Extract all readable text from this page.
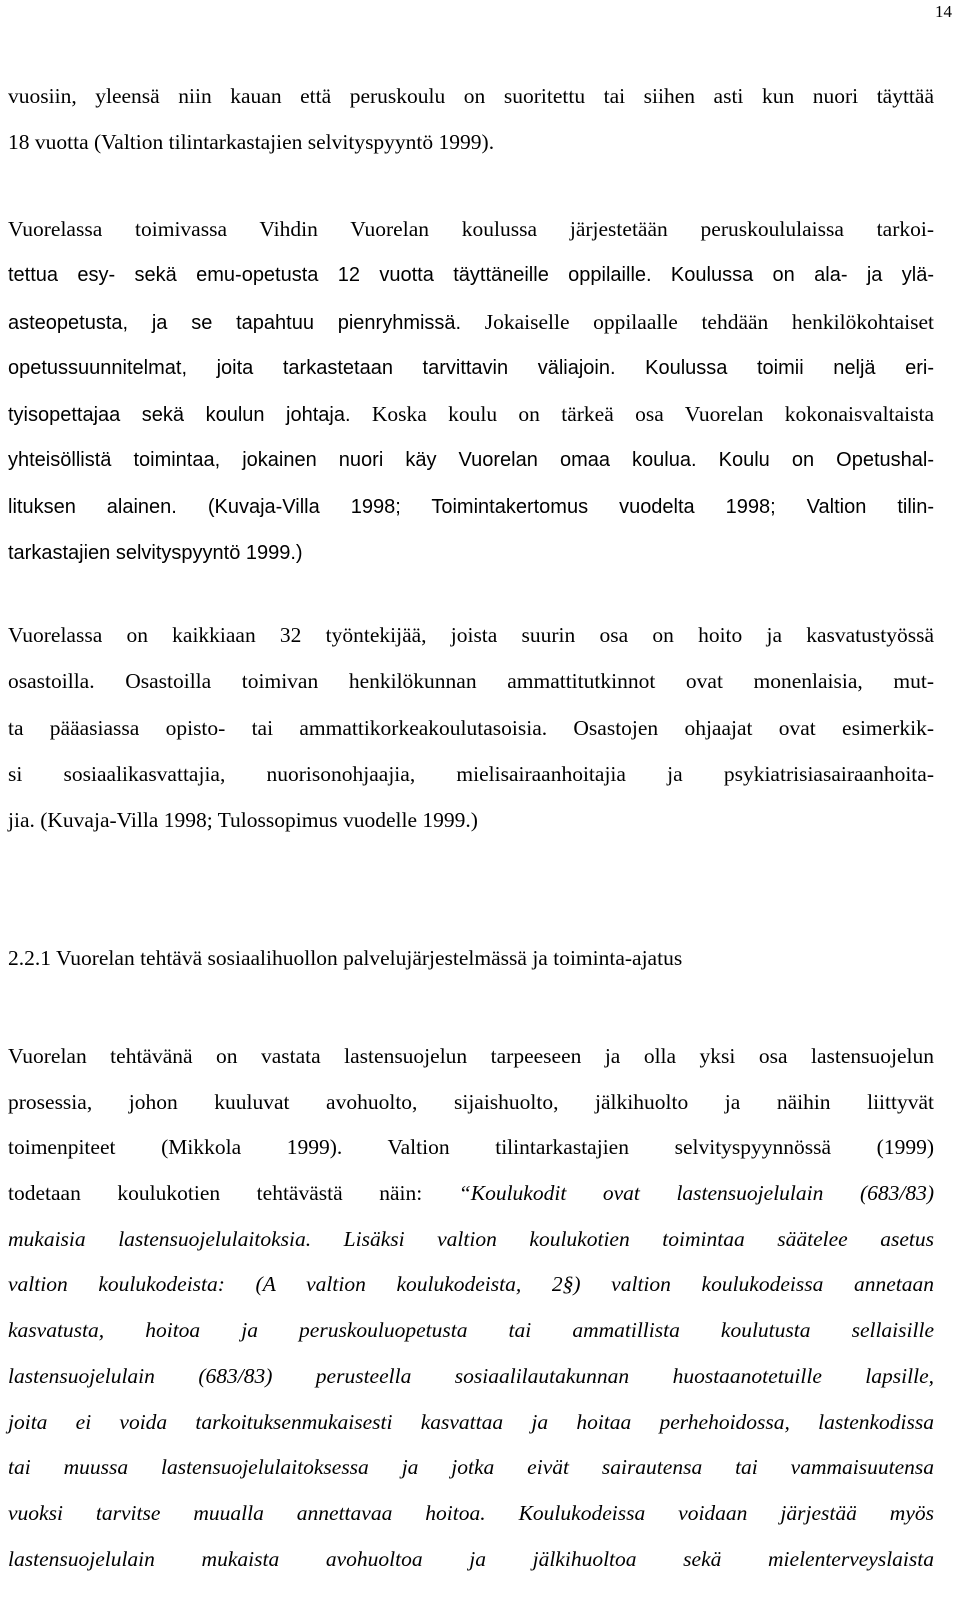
14
vuosiin, yleensä niin kauan että peruskoulu on suoritettu tai siihen asti kun nuori täyttää
18 vuotta (Valtion tilintarkastajien selvityspyyntö 1999).
Vuorelassa toimivassa Vihdin Vuorelan koulussa järjestetään peruskoululaissa tarkoi-
tettua esy- sekä emu-opetusta 12 vuotta täyttäneille oppilaille. Koulussa on ala- ja ylä-
asteopetusta, ja se tapahtuu pienryhmissä. Jokaiselle oppilaalle tehdään henkilökohtaiset
opetussuunnitelmat, joita tarkastetaan tarvittavin väliajoin. Koulussa toimii neljä eri-
tyisopettajaa sekä koulun johtaja. Koska koulu on tärkeä osa Vuorelan kokonaisvaltaista
yhteisöllistä toimintaa, jokainen nuori käy Vuorelan omaa koulua. Koulu on Opetushal-
lituksen alainen. (Kuvaja-Villa 1998; Toimintakertomus vuodelta 1998; Valtion tilin-
tarkastajien selvityspyyntö 1999.)
Vuorelassa on kaikkiaan 32 työntekijää, joista suurin osa on hoito ja kasvatustyössä
osastoilla. Osastoilla toimivan henkilökunnan ammattitutkinnot ovat monenlaisia, mut-
ta pääasiassa opisto- tai ammattikorkeakoulutasoisia. Osastojen ohjaajat ovat esimerkik-
si sosiaalikasvattajia, nuorisonohjaajia, mielisairaanhoitajia ja psykiatrisiasairaanhoita-
jia. (Kuvaja-Villa 1998; Tulossopimus vuodelle 1999.)
2.2.1 Vuorelan tehtävä sosiaalihuollon palvelujärjestelmässä ja toiminta-ajatus
Vuorelan tehtävänä on vastata lastensuojelun tarpeeseen ja olla yksi osa lastensuojelun
prosessia, johon kuuluvat avohuolto, sijaishuolto, jälkihuolto ja näihin liittyvät
toimenpiteet (Mikkola 1999). Valtion tilintarkastajien selvityspyynnössä (1999)
todetaan koulukotien tehtävästä näin: “Koulukodit ovat lastensuojelulain (683/83)
mukaisia lastensuojelulaitoksia. Lisäksi valtion koulukotien toimintaa säätelee asetus
valtion koulukodeista: (A valtion koulukodeista, 2§) valtion koulukodeissa annetaan
kasvatusta, hoitoa ja peruskouluopetusta tai ammatillista koulutusta sellaisille
lastensuojelulain (683/83) perusteella sosiaalilautakunnan huostaanotetuille lapsille,
joita ei voida tarkoituksenmukaisesti kasvattaa ja hoitaa perhehoidossa, lastenkodissa
tai muussa lastensuojelulaitoksessa ja jotka eivät sairautensa tai vammaisuutensa
vuoksi tarvitse muualla annettavaa hoitoa. Koulukodeissa voidaan järjestää myös
lastensuojelulain mukaista avohuoltoa ja jälkihuoltoa sekä mielenterveyslaista
